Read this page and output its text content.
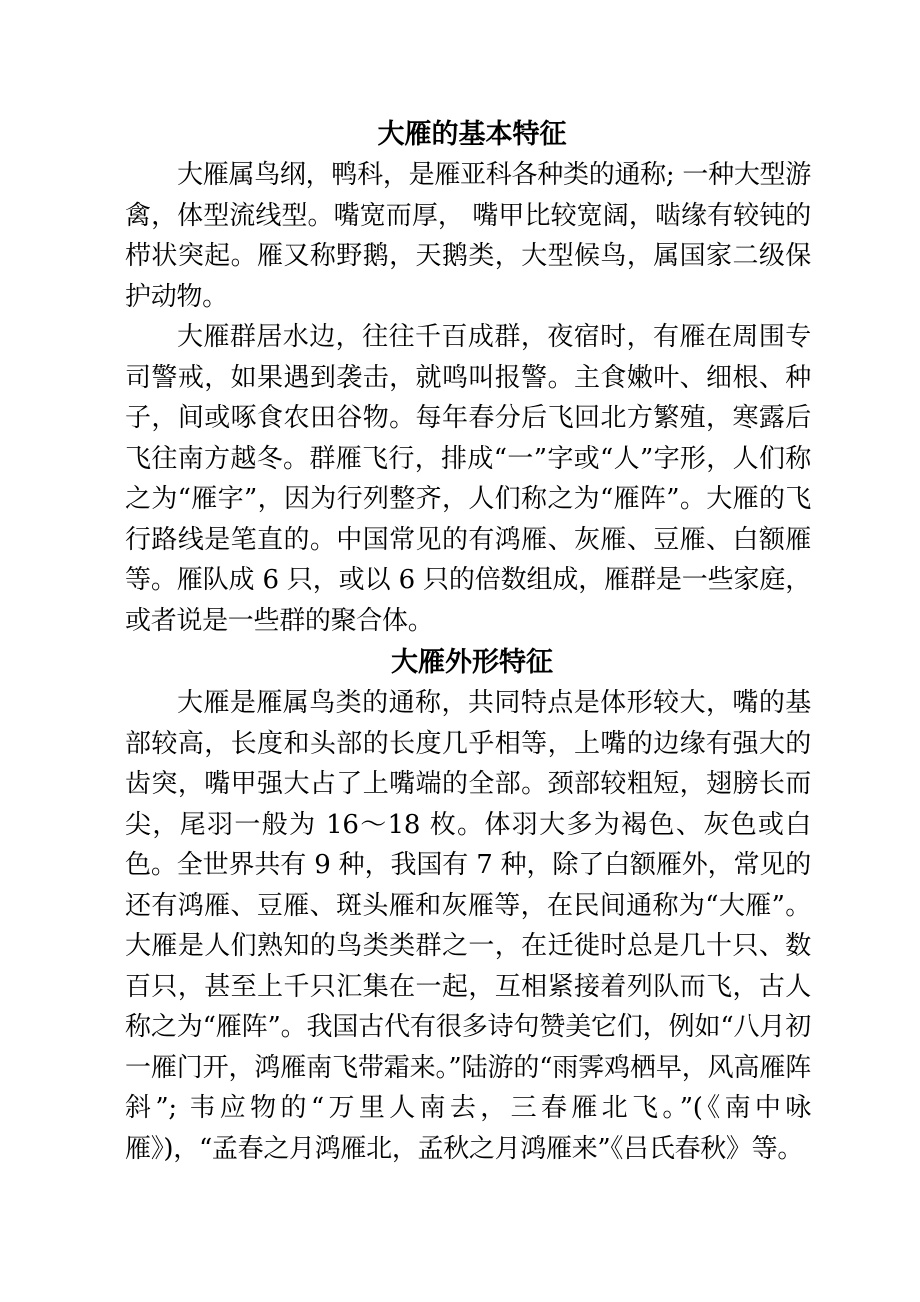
大雁的基本特征

大雁属鸟纲，鸭科，是雁亚科各种类的通称; 一种大型游禽，体型流线型。嘴宽而厚， 嘴甲比较宽阔，啮缘有较钝的栉状突起。雁又称野鹅，天鹅类，大型候鸟，属国家二级保护动物。

大雁群居水边，往往千百成群，夜宿时，有雁在周围专司警戒，如果遇到袭击，就鸣叫报警。主食嫩叶、细根、种子，间或啄食农田谷物。每年春分后飞回北方繁殖，寒露后飞往南方越冬。群雁飞行，排成“一”字或“人”字形，人们称之为“雁字”，因为行列整齐，人们称之为“雁阵”。大雁的飞行路线是笔直的。中国常见的有鸿雁、灰雁、豆雁、白额雁等。雁队成 6 只，或以 6 只的倍数组成，雁群是一些家庭，或者说是一些群的聚合体。

大雁外形特征

大雁是雁属鸟类的通称，共同特点是体形较大，嘴的基部较高，长度和头部的长度几乎相等，上嘴的边缘有强大的齿突，嘴甲强大占了上嘴端的全部。颈部较粗短，翅膀长而尖，尾羽一般为 16～18 枚。体羽大多为褐色、灰色或白色。全世界共有 9 种，我国有 7 种，除了白额雁外，常见的还有鸿雁、豆雁、斑头雁和灰雁等，在民间通称为“大雁”。大雁是人们熟知的鸟类类群之一，在迁徙时总是几十只、数百只，甚至上千只汇集在一起，互相紧接着列队而飞，古人称之为“雁阵”。我国古代有很多诗句赞美它们，例如“八月初一雁门开，鸿雁南飞带霜来。”陆游的“雨霁鸡栖早，风高雁阵斜”; 韦应物的“万里人南去，三春雁北飞。”(《南中咏雁》)，“孟春之月鸿雁北，孟秋之月鸿雁来”《吕氏春秋》等。
